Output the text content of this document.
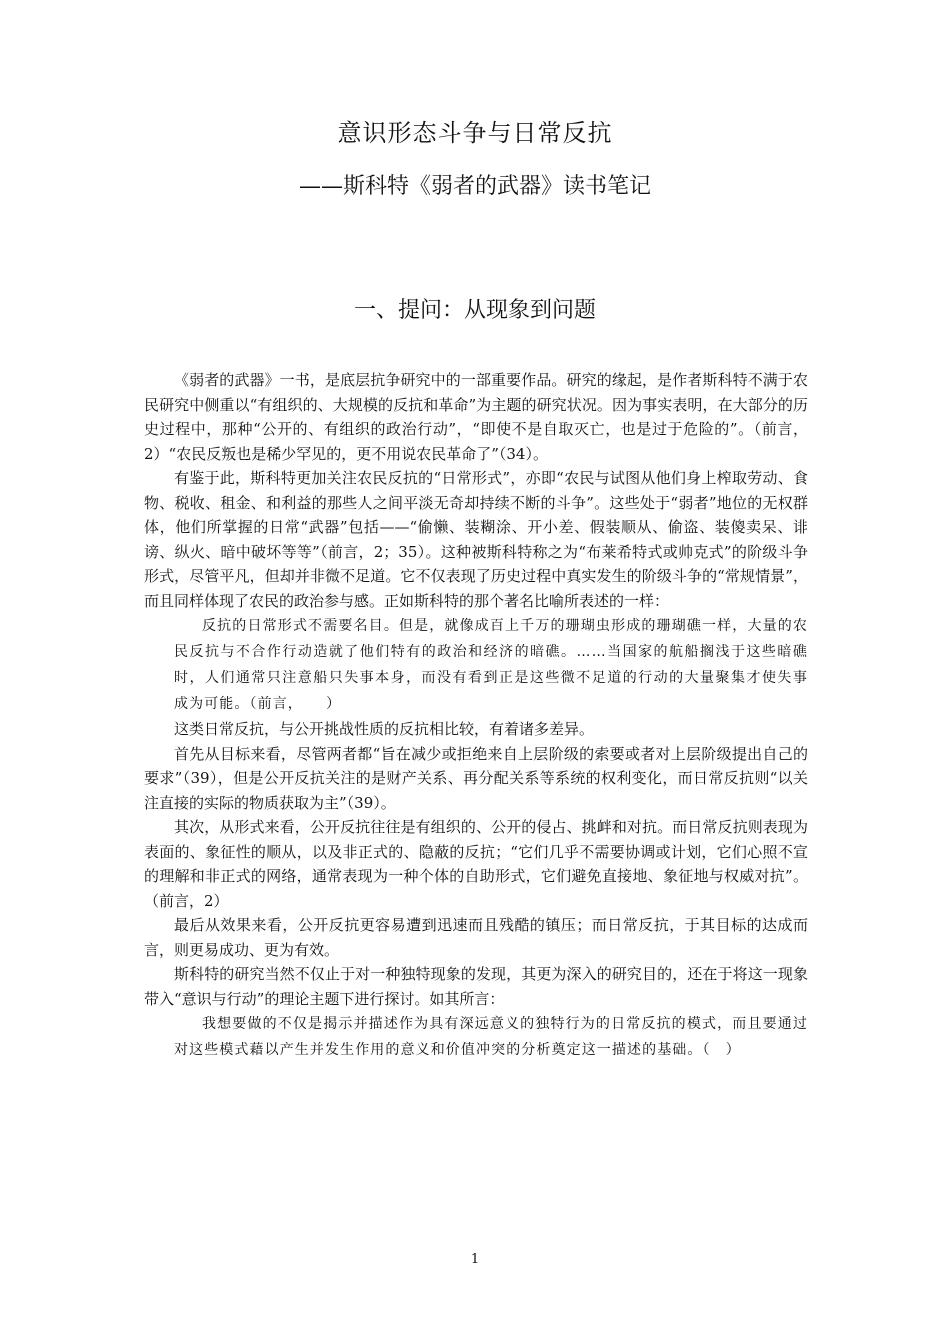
意识形态斗争与日常反抗
——斯科特《弱者的武器》读书笔记
一、提问：从现象到问题

《弱者的武器》一书，是底层抗争研究中的一部重要作品。研究的缘起，是作者斯科特不满于农民研究中侧重以“有组织的、大规模的反抗和革命”为主题的研究状况。因为事实表明，在大部分的历史过程中，那种“公开的、有组织的政治行动”，“即使不是自取灭亡，也是过于危险的”。（前言，2）“农民反叛也是稀少罕见的，更不用说农民革命了”（34）。

有鉴于此，斯科特更加关注农民反抗的“日常形式”，亦即“农民与试图从他们身上榨取劳动、食物、税收、租金、和利益的那些人之间平淡无奇却持续不断的斗争”。这些处于“弱者”地位的无权群体，他们所掌握的日常“武器”包括——“偷懒、装糊涂、开小差、假装顺从、偷盗、装傻卖呆、诽谤、纵火、暗中破坏等等”（前言，2；35）。这种被斯科特称之为“布莱希特式或帅克式”的阶级斗争形式，尽管平凡，但却并非微不足道。它不仅表现了历史过程中真实发生的阶级斗争的“常规情景”，而且同样体现了农民的政治参与感。正如斯科特的那个著名比喻所表述的一样：

反抗的日常形式不需要名目。但是，就像成百上千万的珊瑚虫形成的珊瑚礁一样，大量的农民反抗与不合作行动造就了他们特有的政治和经济的暗礁。……当国家的航船搁浅于这些暗礁时，人们通常只注意船只失事本身，而没有看到正是这些微不足道的行动的大量聚集才使失事成为可能。（前言，　　）

这类日常反抗，与公开挑战性质的反抗相比较，有着诸多差异。

首先从目标来看，尽管两者都“旨在减少或拒绝来自上层阶级的索要或者对上层阶级提出自己的要求”（39），但是公开反抗关注的是财产关系、再分配关系等系统的权利变化，而日常反抗则“以关注直接的实际的物质获取为主”（39）。

其次，从形式来看，公开反抗往往是有组织的、公开的侵占、挑衅和对抗。而日常反抗则表现为表面的、象征性的顺从，以及非正式的、隐蔽的反抗；“它们几乎不需要协调或计划，它们心照不宣的理解和非正式的网络，通常表现为一种个体的自助形式，它们避免直接地、象征地与权威对抗”。（前言，2）

最后从效果来看，公开反抗更容易遭到迅速而且残酷的镇压；而日常反抗，于其目标的达成而言，则更易成功、更为有效。

斯科特的研究当然不仅止于对一种独特现象的发现，其更为深入的研究目的，还在于将这一现象带入“意识与行动”的理论主题下进行探讨。如其所言：

我想要做的不仅是揭示并描述作为具有深远意义的独特行为的日常反抗的模式，而且要通过对这些模式藉以产生并发生作用的意义和价值冲突的分析奠定这一描述的基础。（　）

1
